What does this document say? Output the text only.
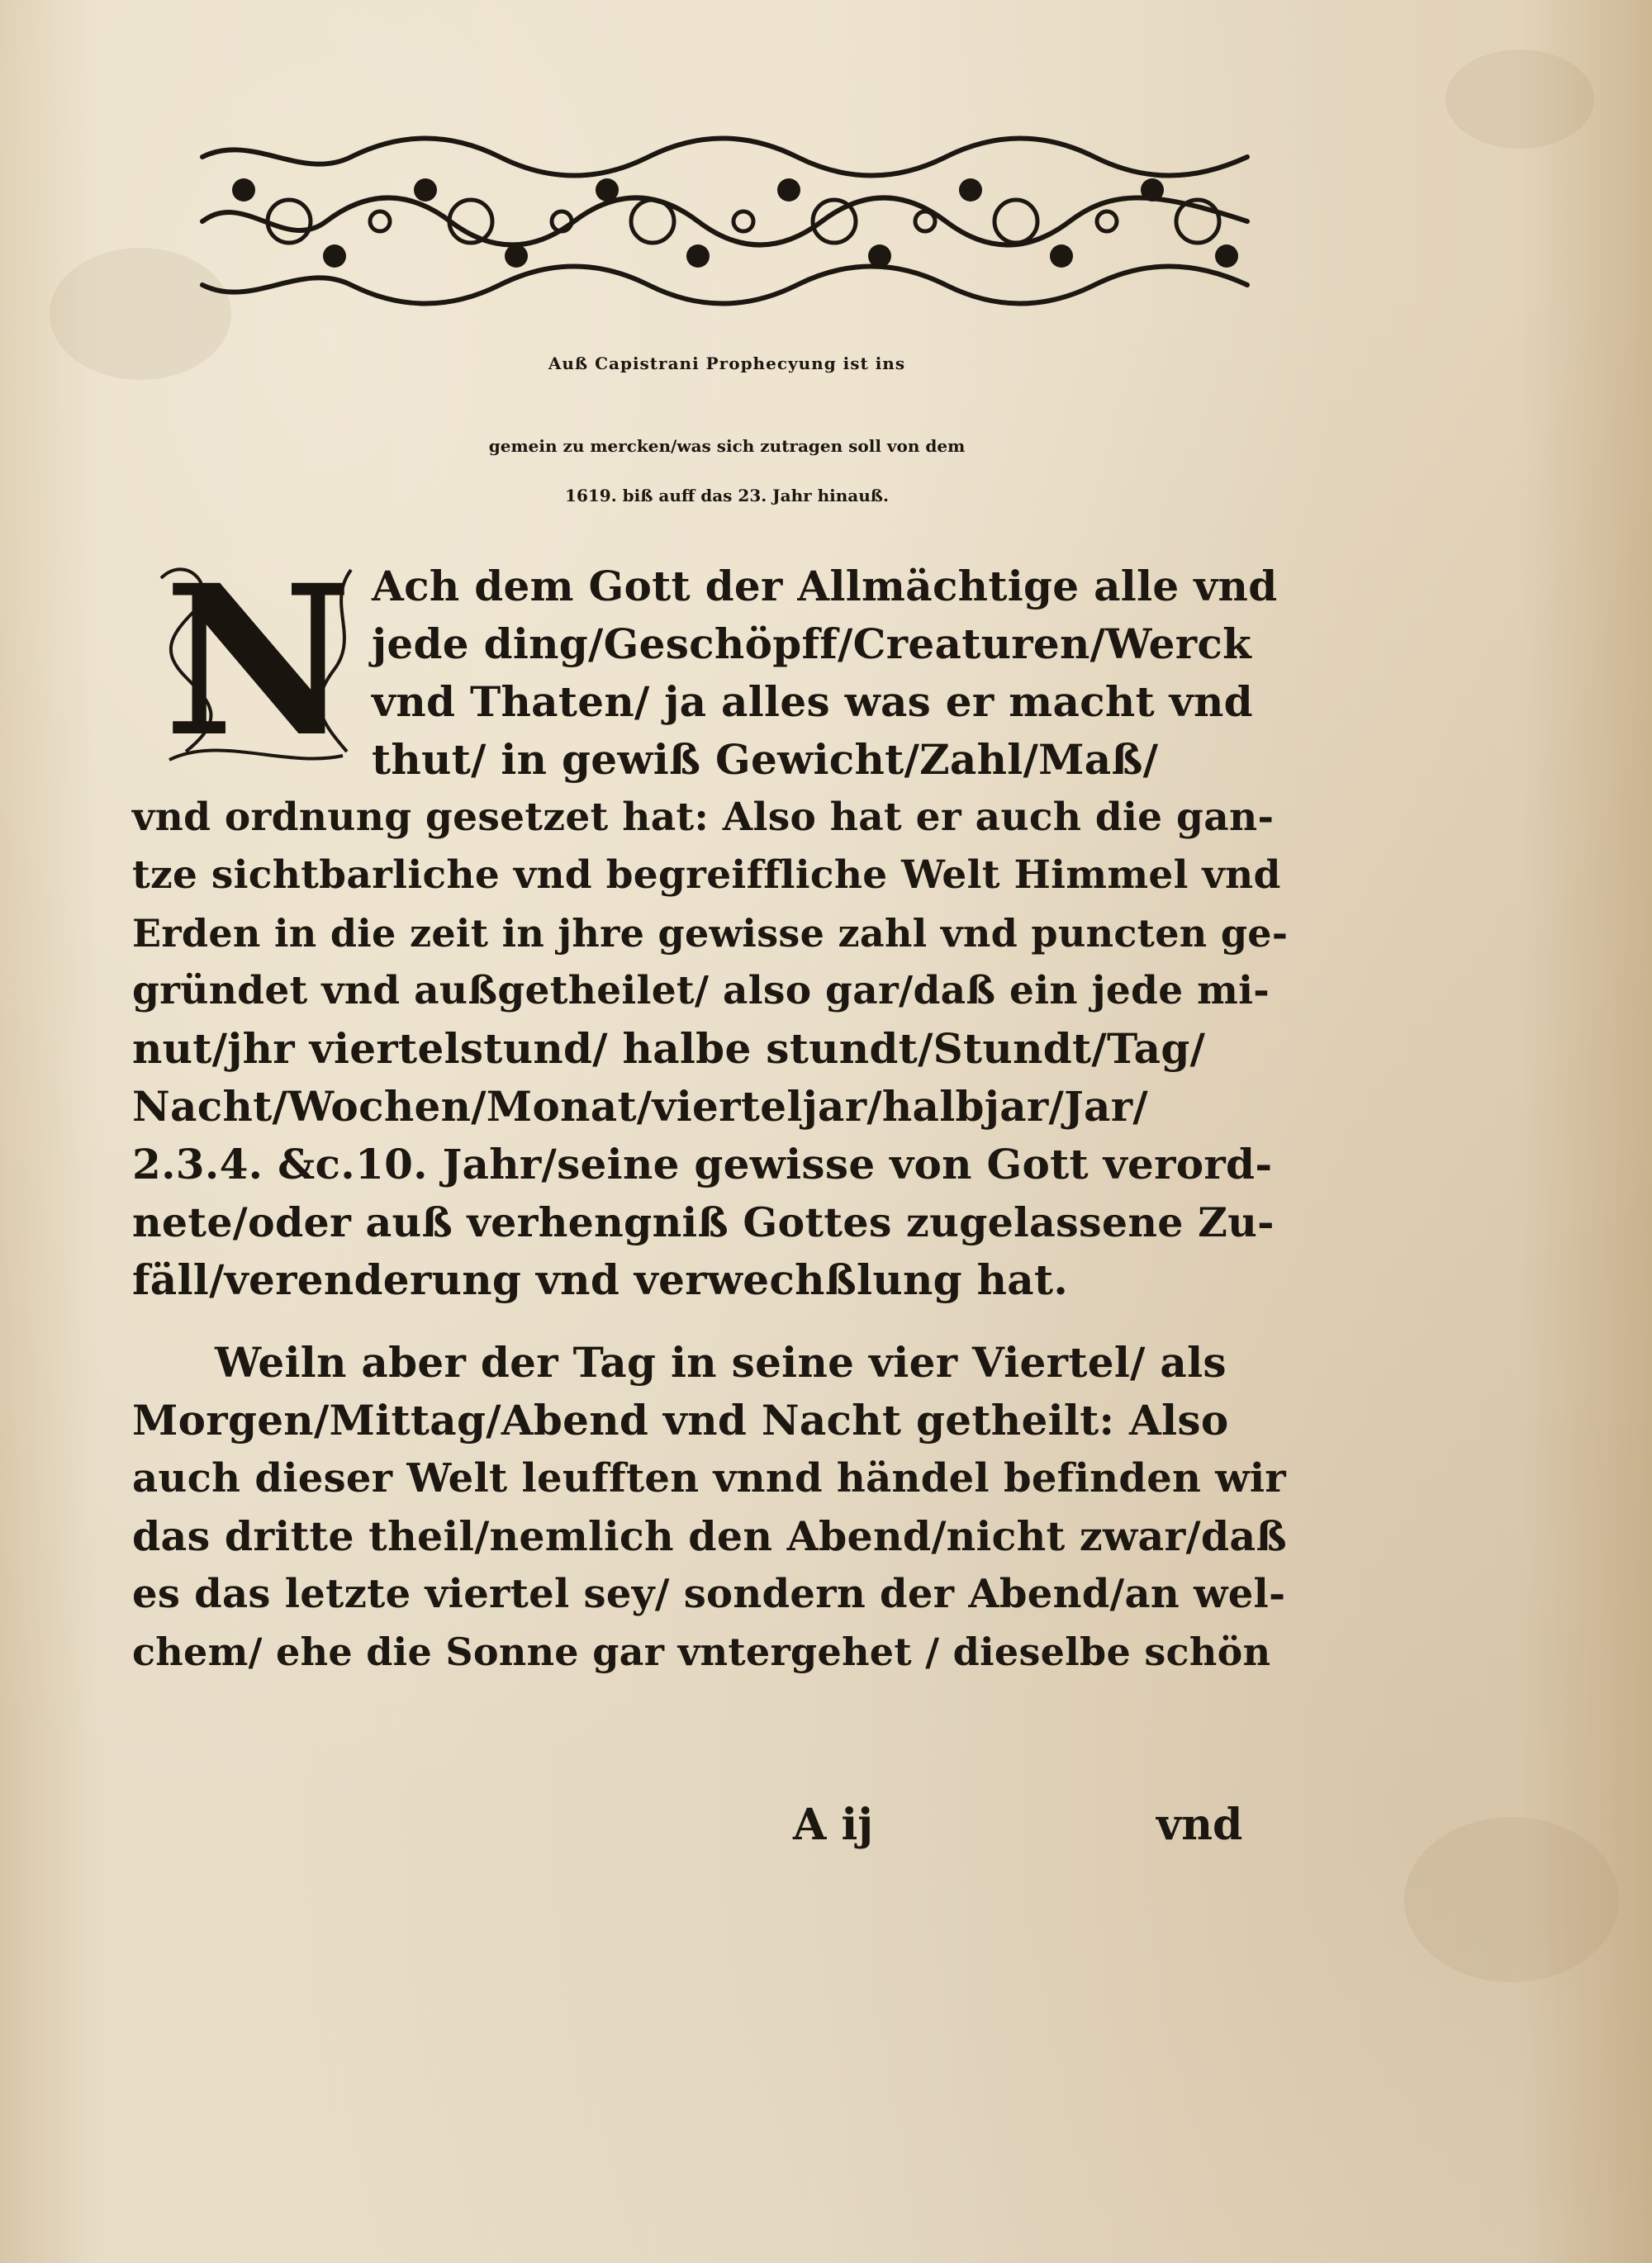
Auß Capistrani Prophecyung ist ins
gemein zu mercken/was sich zutragen soll von dem
1619. biß auff das 23. Jahr hinauß.
N Ach dem Gott der Allmächtige alle vnd
jede ding/Geschöpff/Creaturen/Werck
vnd Thaten/ ja alles was er macht vnd
thut/ in gewiß Gewicht/Zahl/Maß/
vnd ordnung gesetzet hat: Also hat er auch die gan-
tze sichtbarliche vnd begreiffliche Welt Himmel vnd
Erden in die zeit in jhre gewisse zahl vnd puncten ge-
gründet vnd außgetheilet/ also gar/daß ein jede mi-
nut/jhr viertelstund/ halbe stundt/Stundt/Tag/
Nacht/Wochen/Monat/vierteljar/halbjar/Jar/
2.3.4. &c.10. Jahr/seine gewisse von Gott verord-
nete/oder auß verhengniß Gottes zugelassene Zu-
fäll/verenderung vnd verwechßlung hat.
Weiln aber der Tag in seine vier Viertel/ als
Morgen/Mittag/Abend vnd Nacht getheilt: Also
auch dieser Welt leufften vnnd händel befinden wir
das dritte theil/nemlich den Abend/nicht zwar/daß
es das letzte viertel sey/ sondern der Abend/an wel-
chem/ ehe die Sonne gar vntergehet / dieselbe schön
A ij	vnd
